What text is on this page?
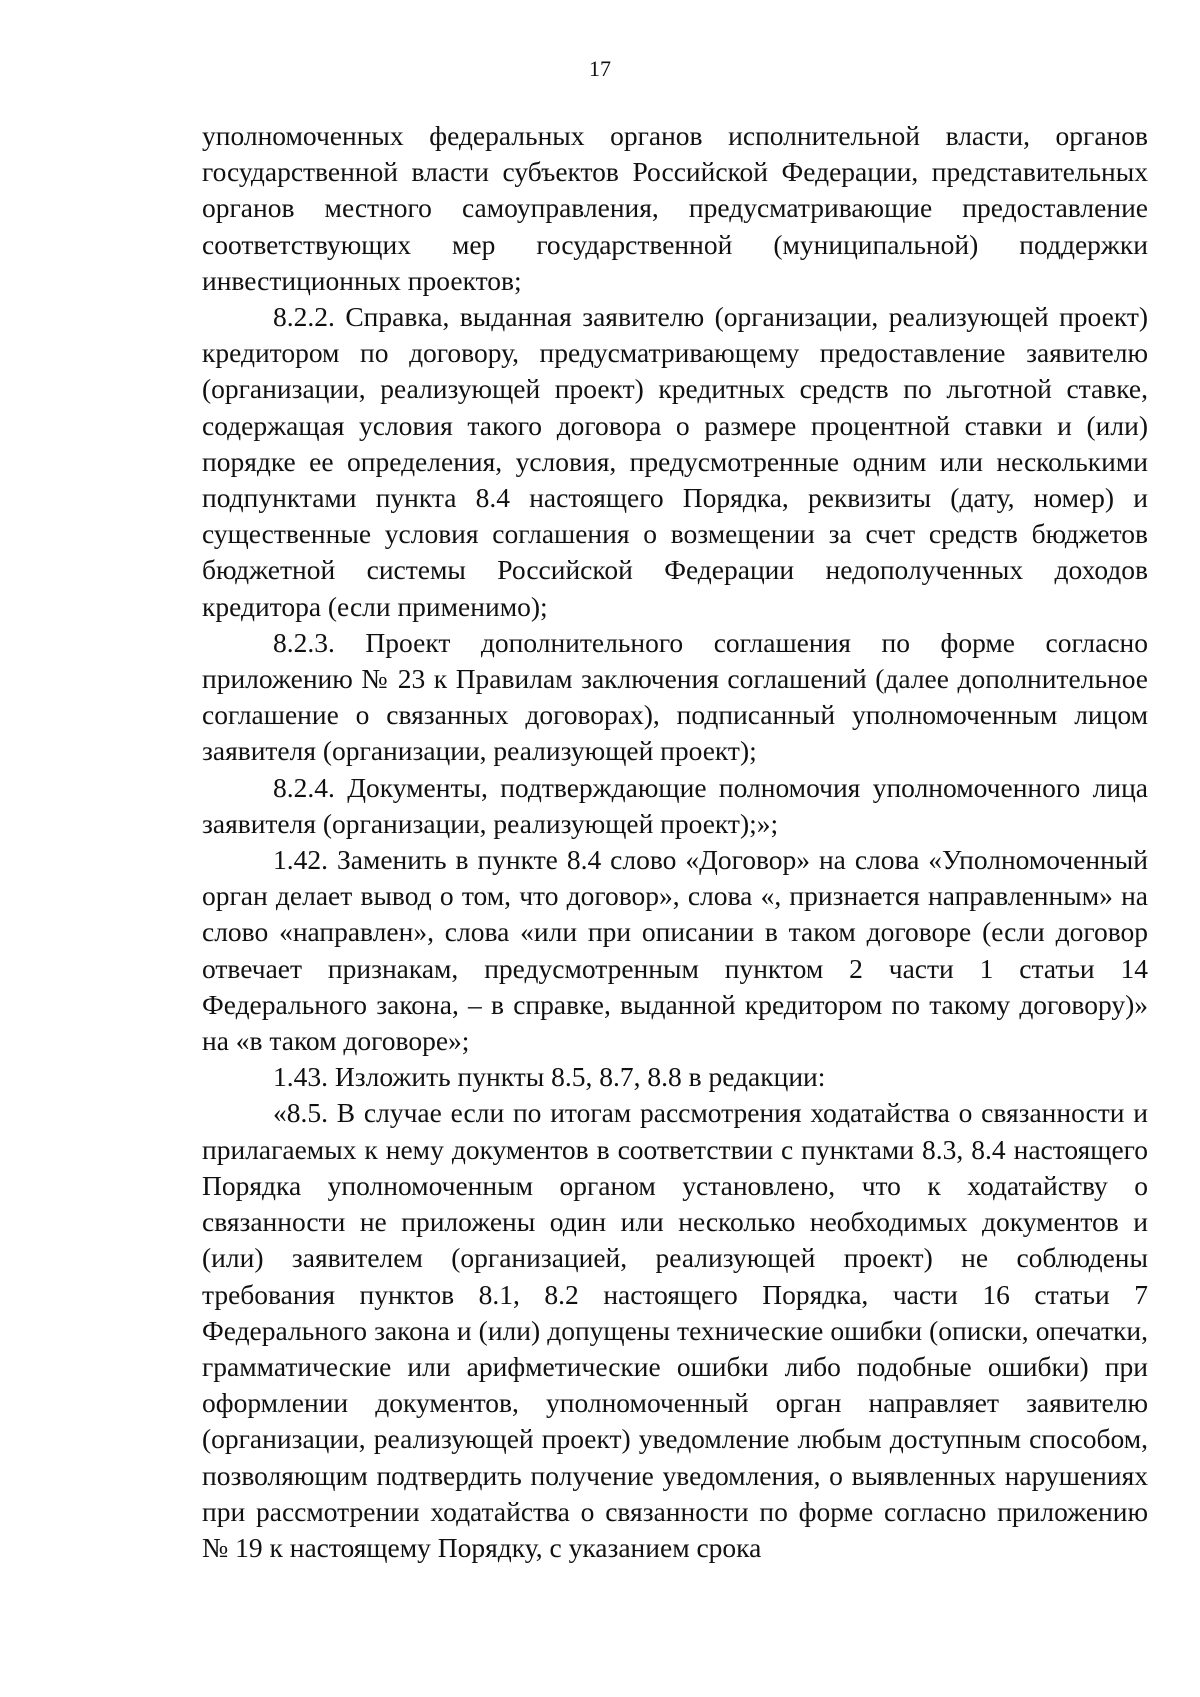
17

уполномоченных федеральных органов исполнительной власти, органов государственной власти субъектов Российской Федерации, представительных органов местного самоуправления, предусматривающие предоставление соответствующих мер государственной (муниципальной) поддержки инвестиционных проектов;

8.2.2. Справка, выданная заявителю (организации, реализующей проект) кредитором по договору, предусматривающему предоставление заявителю (организации, реализующей проект) кредитных средств по льготной ставке, содержащая условия такого договора о размере процентной ставки и (или) порядке ее определения, условия, предусмотренные одним или несколькими подпунктами пункта 8.4 настоящего Порядка, реквизиты (дату, номер) и существенные условия соглашения о возмещении за счет средств бюджетов бюджетной системы Российской Федерации недополученных доходов кредитора (если применимо);

8.2.3. Проект дополнительного соглашения по форме согласно приложению № 23 к Правилам заключения соглашений (далее дополнительное соглашение о связанных договорах), подписанный уполномоченным лицом заявителя (организации, реализующей проект);

8.2.4. Документы, подтверждающие полномочия уполномоченного лица заявителя (организации, реализующей проект);»;

1.42. Заменить в пункте 8.4 слово «Договор» на слова «Уполномоченный орган делает вывод о том, что договор», слова «, признается направленным» на слово «направлен», слова «или при описании в таком договоре (если договор отвечает признакам, предусмотренным пунктом 2 части 1 статьи 14 Федерального закона, – в справке, выданной кредитором по такому договору)» на «в таком договоре»;

1.43. Изложить пункты 8.5, 8.7, 8.8 в редакции:

«8.5. В случае если по итогам рассмотрения ходатайства о связанности и прилагаемых к нему документов в соответствии с пунктами 8.3, 8.4 настоящего Порядка уполномоченным органом установлено, что к ходатайству о связанности не приложены один или несколько необходимых документов и (или) заявителем (организацией, реализующей проект) не соблюдены требования пунктов 8.1, 8.2 настоящего Порядка, части 16 статьи 7 Федерального закона и (или) допущены технические ошибки (описки, опечатки, грамматические или арифметические ошибки либо подобные ошибки) при оформлении документов, уполномоченный орган направляет заявителю (организации, реализующей проект) уведомление любым доступным способом, позволяющим подтвердить получение уведомления, о выявленных нарушениях при рассмотрении ходатайства о связанности по форме согласно приложению № 19 к настоящему Порядку, с указанием срока
